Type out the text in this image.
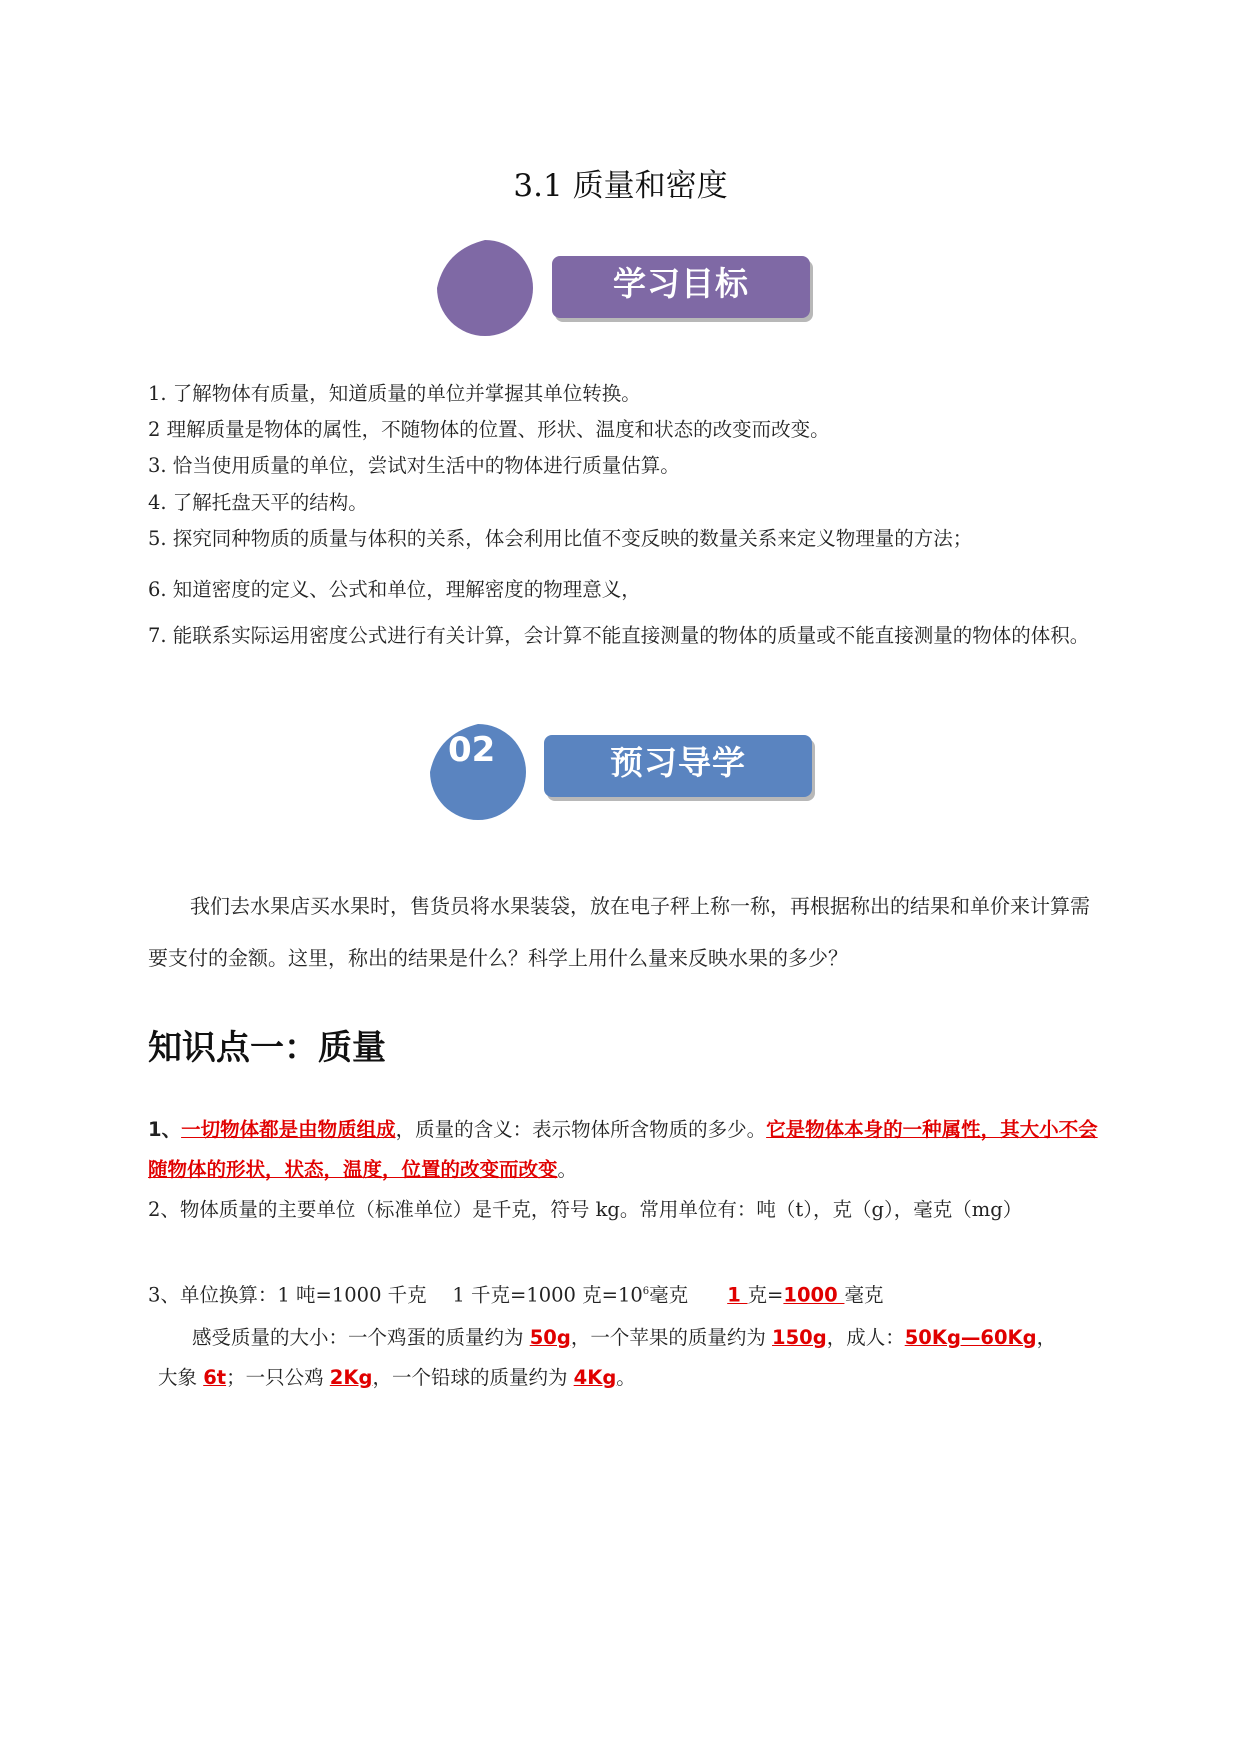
3.1 质量和密度
学习目标
1. 了解物体有质量，知道质量的单位并掌握其单位转换。
2 理解质量是物体的属性，不随物体的位置、形状、温度和状态的改变而改变。
3. 恰当使用质量的单位，尝试对生活中的物体进行质量估算。
4. 了解托盘天平的结构。
5. 探究同种物质的质量与体积的关系，体会利用比值不变反映的数量关系来定义物理量的方法；
6. 知道密度的定义、公式和单位，理解密度的物理意义，
7. 能联系实际运用密度公式进行有关计算，会计算不能直接测量的物体的质量或不能直接测量的物体的体积。
02	预习导学
我们去水果店买水果时，售货员将水果装袋，放在电子秤上称一称，再根据称出的结果和单价来计算需要支付的金额。这里，称出的结果是什么？科学上用什么量来反映水果的多少？
知识点一：质量
1、一切物体都是由物质组成，质量的含义：表示物体所含物质的多少。它是物体本身的一种属性，其大小不会随物体的形状，状态，温度，位置的改变而改变。
2、物体质量的主要单位（标准单位）是千克，符号 kg。常用单位有：吨（t），克（g），毫克（mg）
3、单位换算：1 吨=1000 千克　 1 千克=1000 克$=10^6$毫克　　1 克=1000 毫克
感受质量的大小：一个鸡蛋的质量约为 50g，一个苹果的质量约为 150g，成人：50Kg—60Kg，
大象 6t；一只公鸡 2Kg，一个铅球的质量约为 4Kg。
